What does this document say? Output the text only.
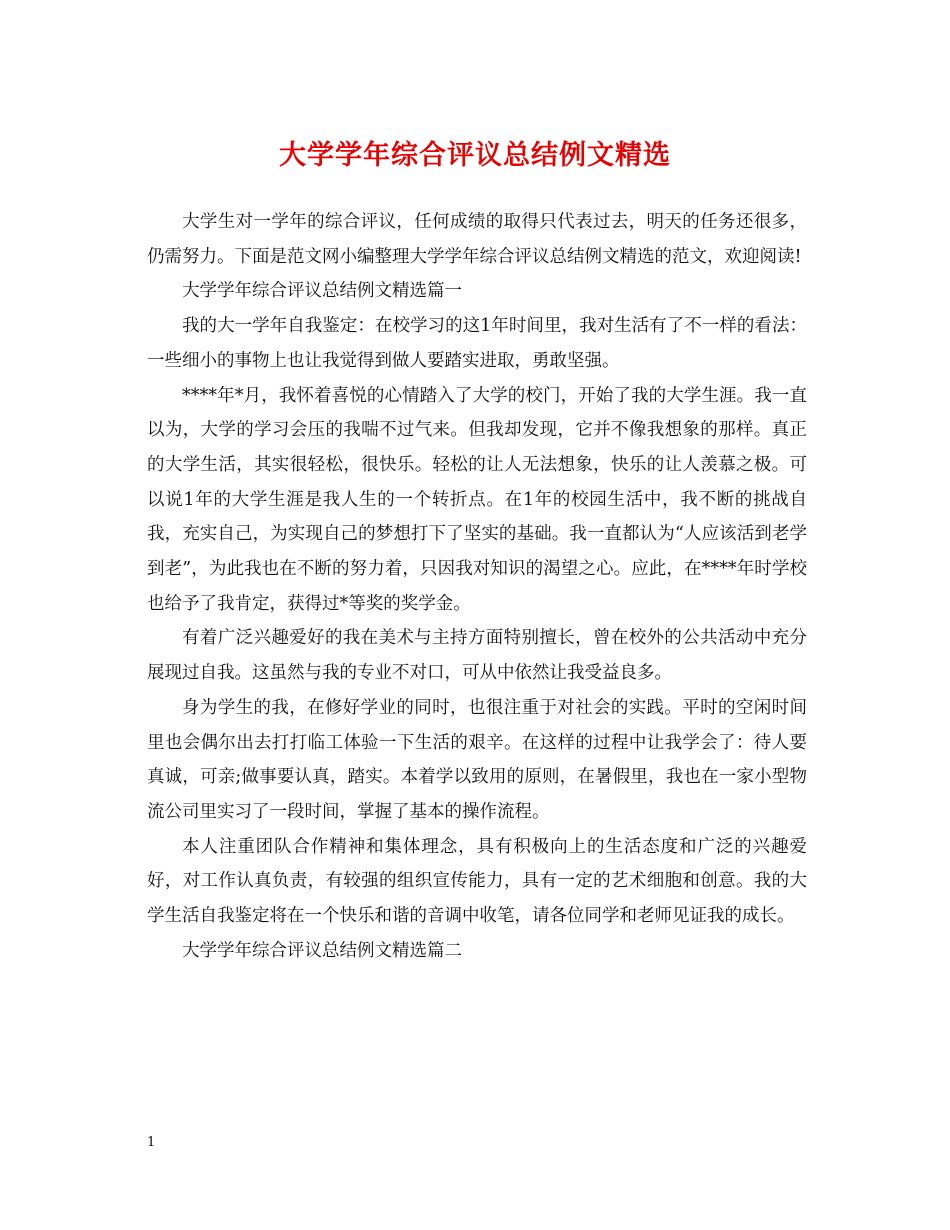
大学学年综合评议总结例文精选

大学生对一学年的综合评议，任何成绩的取得只代表过去，明天的任务还很多，仍需努力。下面是范文网小编整理大学学年综合评议总结例文精选的范文，欢迎阅读!

大学学年综合评议总结例文精选篇一

我的大一学年自我鉴定：在校学习的这1年时间里，我对生活有了不一样的看法：一些细小的事物上也让我觉得到做人要踏实进取，勇敢坚强。

****年*月，我怀着喜悦的心情踏入了大学的校门，开始了我的大学生涯。我一直以为，大学的学习会压的我喘不过气来。但我却发现，它并不像我想象的那样。真正的大学生活，其实很轻松，很快乐。轻松的让人无法想象，快乐的让人羡慕之极。可以说1年的大学生涯是我人生的一个转折点。在1年的校园生活中，我不断的挑战自我，充实自己，为实现自己的梦想打下了坚实的基础。我一直都认为“人应该活到老学到老”，为此我也在不断的努力着，只因我对知识的渴望之心。应此，在****年时学校也给予了我肯定，获得过*等奖的奖学金。

有着广泛兴趣爱好的我在美术与主持方面特别擅长，曾在校外的公共活动中充分展现过自我。这虽然与我的专业不对口，可从中依然让我受益良多。

身为学生的我，在修好学业的同时，也很注重于对社会的实践。平时的空闲时间里也会偶尔出去打打临工体验一下生活的艰辛。在这样的过程中让我学会了：待人要真诚，可亲;做事要认真，踏实。本着学以致用的原则，在暑假里，我也在一家小型物流公司里实习了一段时间，掌握了基本的操作流程。

本人注重团队合作精神和集体理念，具有积极向上的生活态度和广泛的兴趣爱好，对工作认真负责，有较强的组织宣传能力，具有一定的艺术细胞和创意。我的大学生活自我鉴定将在一个快乐和谐的音调中收笔，请各位同学和老师见证我的成长。

大学学年综合评议总结例文精选篇二

1
